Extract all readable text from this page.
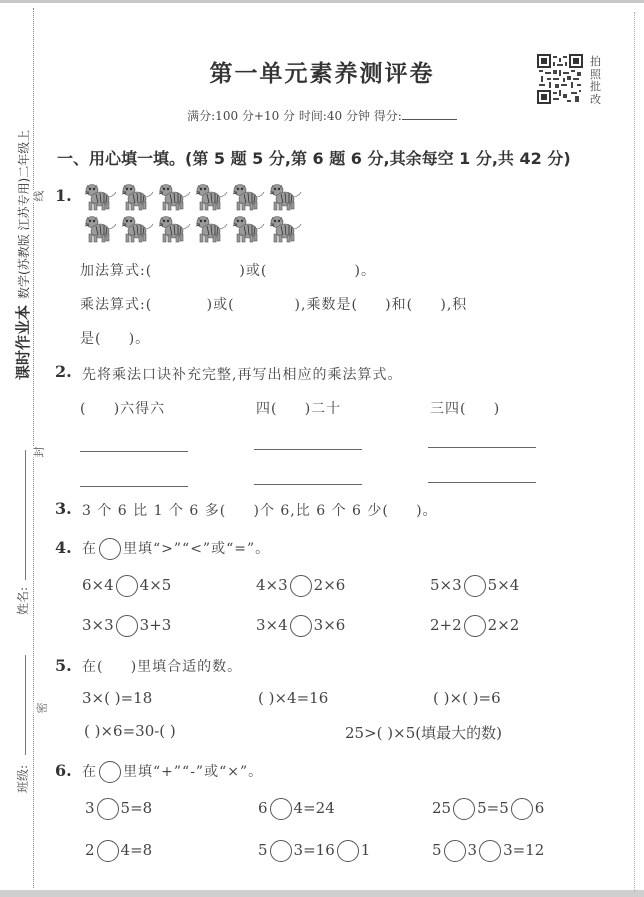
线
封
密
课时作业本数学(苏教版 江苏专用)二年级上
姓名:
班级:
第一单元素养测评卷
满分:100 分+10 分 时间:40 分钟 得分:
拍
照
批
改
一、用心填一填。(第 5 题 5 分,第 6 题 6 分,其余每空 1 分,共 42 分)
1.
加法算式:(                )或(                )。
乘法算式:(          )或(           ),乘数是(     )和(     ),积
是(     )。
2. 先将乘法口诀补充完整,再写出相应的乘法算式。
(     )六得六	四(     )二十	三四(     )
3. 3 个 6 比 1 个 6 多(     )个 6,比 6 个 6 少(     )。
4. 在 里填“>”“<”或“=”。
6×4 4×5	4×3 2×6	5×3 5×4
3×3 3+3	3×4 3×6	2+2 2×2
5. 在(     )里填合适的数。
3×( )=18	( )×4=16	( )×( )=6
( )×6=30-( )	25>( )×5(填最大的数)
6. 在 里填“+”“-”或“×”。
3 5=8	6 4=24	25 5=5 6
2 4=8	5 3=16 1	5 3 3=12
